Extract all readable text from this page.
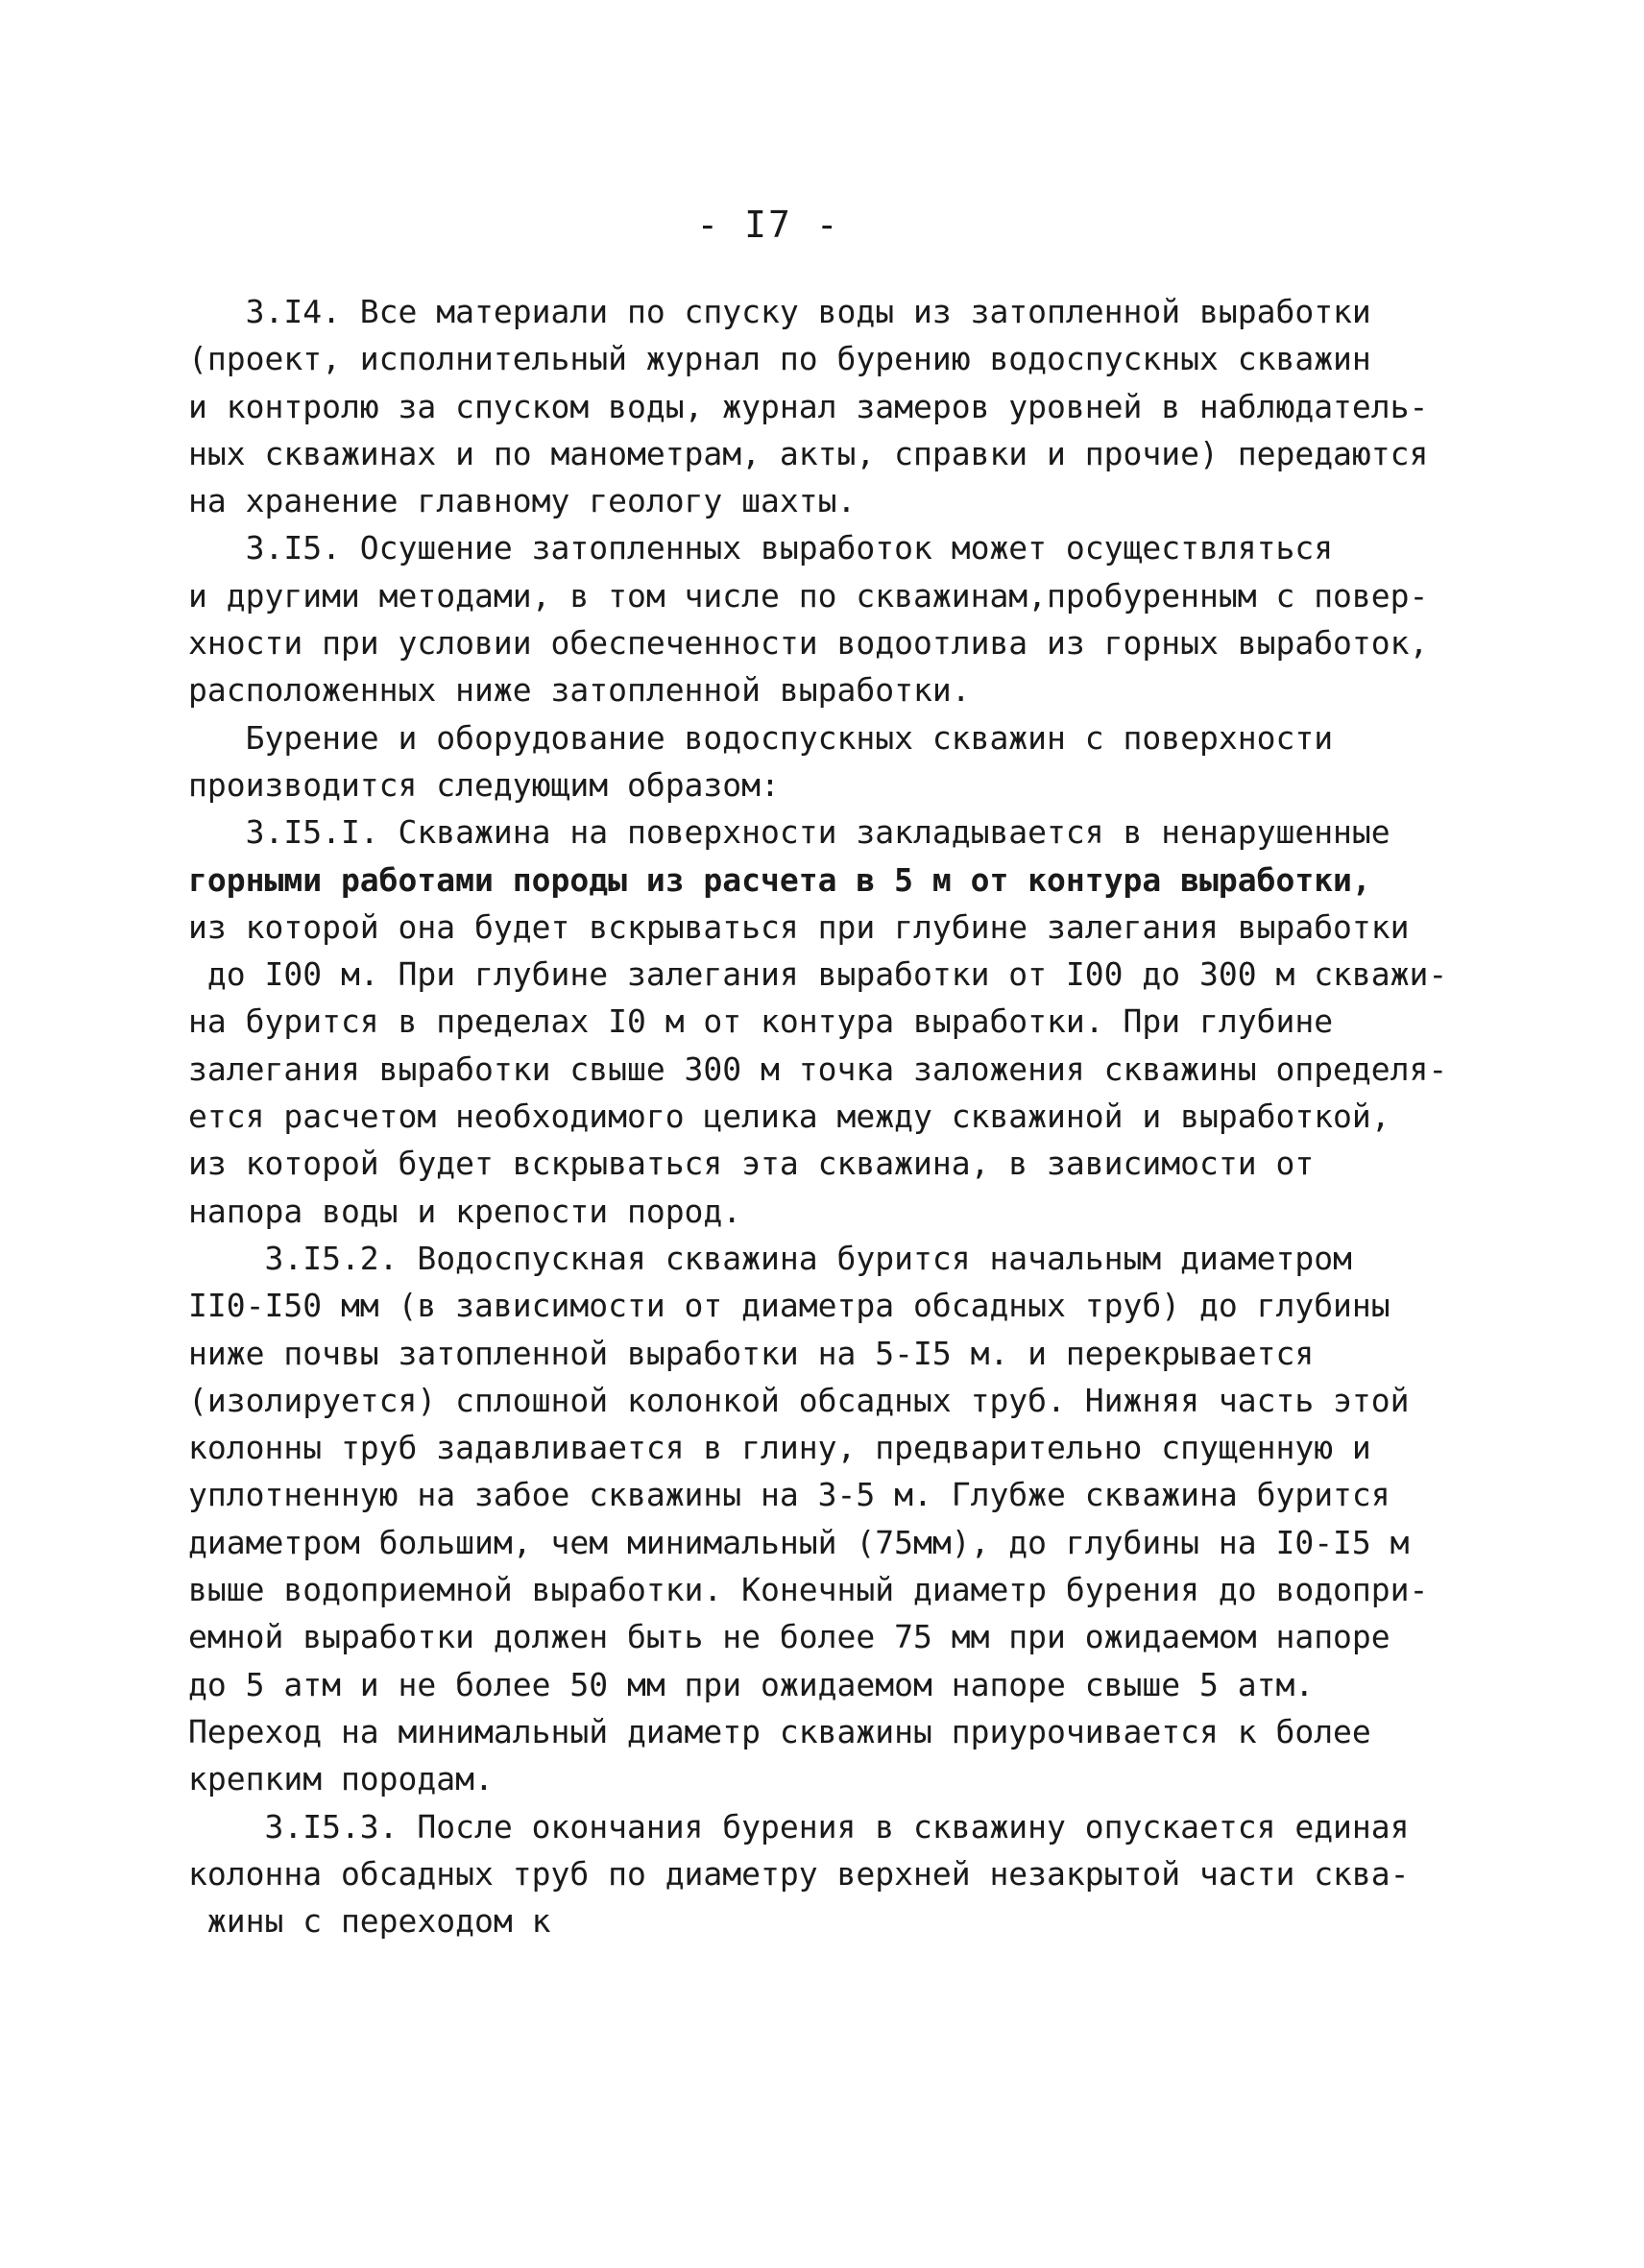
- I7 -
3.I4. Все материали по спуску воды из затопленной выработки
(проект, исполнительный журнал по бурению водоспускных скважин
и контролю за спуском воды, журнал замеров уровней в наблюдатель-
ных скважинах и по манометрам, акты, справки и прочие) передаются
на хранение главному геологу шахты.
3.I5. Осушение затопленных выработок может осуществляться
и другими методами, в том числе по скважинам,пробуренным с повер-
хности при условии обеспеченности водоотлива из горных выработок,
расположенных ниже затопленной выработки.
Бурение и оборудование водоспускных скважин с поверхности
производится следующим образом:
3.I5.I. Скважина на поверхности закладывается в ненарушенные
горными работами породы из расчета в 5 м от контура выработки,
из которой она будет вскрываться при глубине залегания выработки
до I00 м. При глубине залегания выработки от I00 до 300 м скважи-
на бурится в пределах I0 м от контура выработки. При глубине
залегания выработки свыше 300 м точка заложения скважины определя-
ется расчетом необходимого целика между скважиной и выработкой,
из которой будет вскрываться эта скважина, в зависимости от
напора воды и крепости пород.
3.I5.2. Водоспускная скважина бурится начальным диаметром
II0-I50 мм (в зависимости от диаметра обсадных труб) до глубины
ниже почвы затопленной выработки на 5-I5 м. и перекрывается
(изолируется) сплошной колонкой обсадных труб. Нижняя часть этой
колонны труб задавливается в глину, предварительно спущенную и
уплотненную на забое скважины на 3-5 м. Глубже скважина бурится
диаметром большим, чем минимальный (75мм), до глубины на I0-I5 м
выше водоприемной выработки. Конечный диаметр бурения до водопри-
емной выработки должен быть не более 75 мм при ожидаемом напоре
до 5 атм и не более 50 мм при ожидаемом напоре свыше 5 атм.
Переход на минимальный диаметр скважины приурочивается к более
крепким породам.
3.I5.3. После окончания бурения в скважину опускается единая
колонна обсадных труб по диаметру верхней незакрытой части сква-
жины с переходом к
